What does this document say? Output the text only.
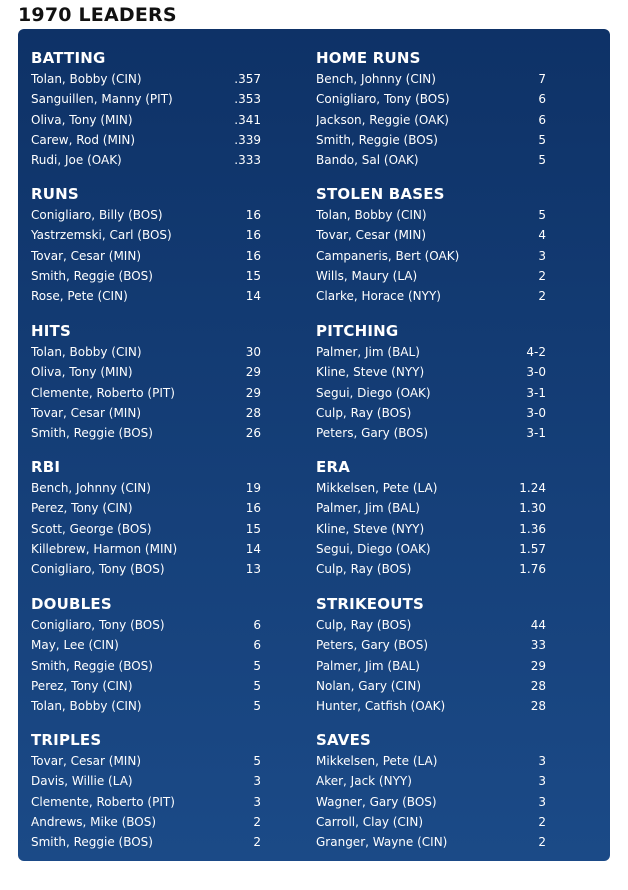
1970 LEADERS
BATTING
Tolan, Bobby (CIN)	.357
Sanguillen, Manny (PIT)	.353
Oliva, Tony (MIN)	.341
Carew, Rod (MIN)	.339
Rudi, Joe (OAK)	.333
HOME RUNS
Bench, Johnny (CIN)	7
Conigliaro, Tony (BOS)	6
Jackson, Reggie (OAK)	6
Smith, Reggie (BOS)	5
Bando, Sal (OAK)	5
RUNS
Conigliaro, Billy (BOS)	16
Yastrzemski, Carl (BOS)	16
Tovar, Cesar (MIN)	16
Smith, Reggie (BOS)	15
Rose, Pete (CIN)	14
STOLEN BASES
Tolan, Bobby (CIN)	5
Tovar, Cesar (MIN)	4
Campaneris, Bert (OAK)	3
Wills, Maury (LA)	2
Clarke, Horace (NYY)	2
HITS
Tolan, Bobby (CIN)	30
Oliva, Tony (MIN)	29
Clemente, Roberto (PIT)	29
Tovar, Cesar (MIN)	28
Smith, Reggie (BOS)	26
PITCHING
Palmer, Jim (BAL)	4-2
Kline, Steve (NYY)	3-0
Segui, Diego (OAK)	3-1
Culp, Ray (BOS)	3-0
Peters, Gary (BOS)	3-1
RBI
Bench, Johnny (CIN)	19
Perez, Tony (CIN)	16
Scott, George (BOS)	15
Killebrew, Harmon (MIN)	14
Conigliaro, Tony (BOS)	13
ERA
Mikkelsen, Pete (LA)	1.24
Palmer, Jim (BAL)	1.30
Kline, Steve (NYY)	1.36
Segui, Diego (OAK)	1.57
Culp, Ray (BOS)	1.76
DOUBLES
Conigliaro, Tony (BOS)	6
May, Lee (CIN)	6
Smith, Reggie (BOS)	5
Perez, Tony (CIN)	5
Tolan, Bobby (CIN)	5
STRIKEOUTS
Culp, Ray (BOS)	44
Peters, Gary (BOS)	33
Palmer, Jim (BAL)	29
Nolan, Gary (CIN)	28
Hunter, Catfish (OAK)	28
TRIPLES
Tovar, Cesar (MIN)	5
Davis, Willie (LA)	3
Clemente, Roberto (PIT)	3
Andrews, Mike (BOS)	2
Smith, Reggie (BOS)	2
SAVES
Mikkelsen, Pete (LA)	3
Aker, Jack (NYY)	3
Wagner, Gary (BOS)	3
Carroll, Clay (CIN)	2
Granger, Wayne (CIN)	2
